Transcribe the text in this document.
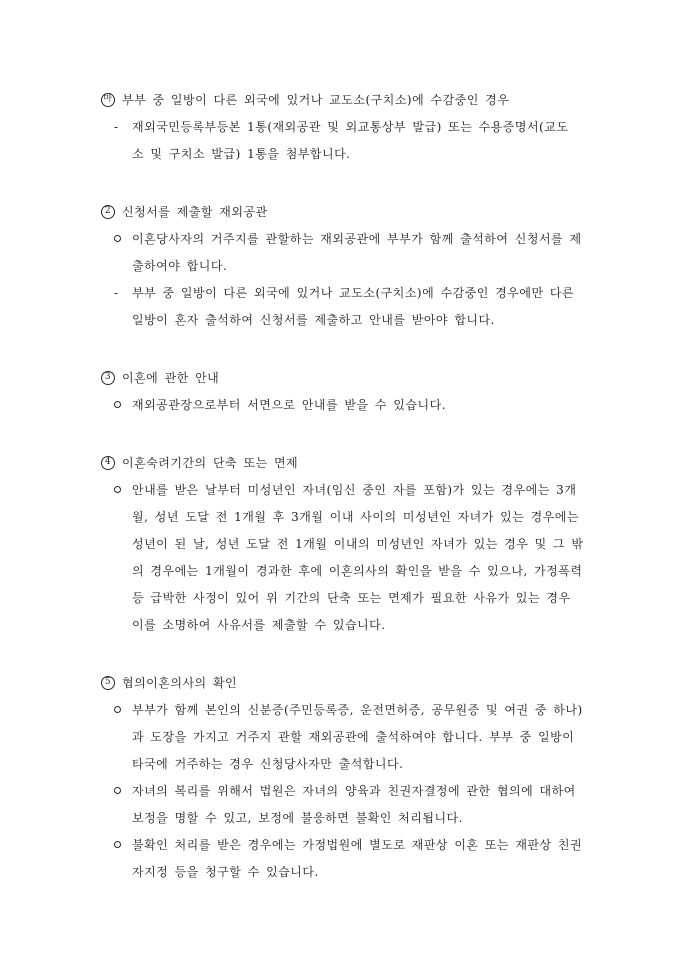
마 부부 중 일방이 다른 외국에 있거나 교도소(구치소)에 수감중인 경우
-	재외국민등록부등본 1통(재외공관 및 외교통상부 발급) 또는 수용증명서(교도
소 및 구치소 발급) 1통을 첨부합니다.
2 신청서를 제출할 재외공관
이혼당사자의 거주지를 관할하는 재외공관에 부부가 함께 출석하여 신청서를 제
출하여야 합니다.
-	부부 중 일방이 다른 외국에 있거나 교도소(구치소)에 수감중인 경우에만 다른
일방이 혼자 출석하여 신청서를 제출하고 안내를 받아야 합니다.
3 이혼에 관한 안내
재외공관장으로부터 서면으로 안내를 받을 수 있습니다.
4 이혼숙려기간의 단축 또는 면제
안내를 받은 날부터 미성년인 자녀(임신 중인 자를 포함)가 있는 경우에는 3개
월, 성년 도달 전 1개월 후 3개월 이내 사이의 미성년인 자녀가 있는 경우에는
성년이 된 날, 성년 도달 전 1개월 이내의 미성년인 자녀가 있는 경우 및 그 밖
의 경우에는 1개월이 경과한 후에 이혼의사의 확인을 받을 수 있으나, 가정폭력
등 급박한 사정이 있어 위 기간의 단축 또는 면제가 필요한 사유가 있는 경우
이를 소명하여 사유서를 제출할 수 있습니다.
5 협의이혼의사의 확인
부부가 함께 본인의 신분증(주민등록증, 운전면허증, 공무원증 및 여권 중 하나)
과 도장을 가지고 거주지 관할 재외공관에 출석하여야 합니다. 부부 중 일방이
타국에 거주하는 경우 신청당사자만 출석합니다.
자녀의 복리를 위해서 법원은 자녀의 양육과 친권자결정에 관한 협의에 대하여
보정을 명할 수 있고, 보정에 불응하면 불확인 처리됩니다.
불확인 처리를 받은 경우에는 가정법원에 별도로 재판상 이혼 또는 재판상 친권
자지정 등을 청구할 수 있습니다.
